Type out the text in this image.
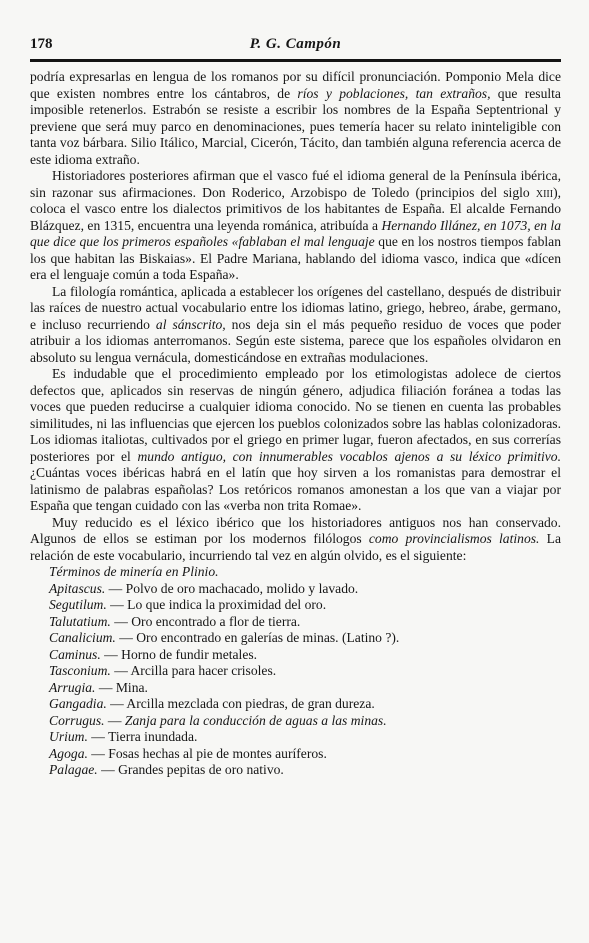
178	P. G. Campón

podría expresarlas en lengua de los romanos por su difícil pronunciación. Pomponio Mela dice que existen nombres entre los cántabros, de ríos y poblaciones, tan extraños, que resulta imposible retenerlos. Estrabón se resiste a escribir los nombres de la España Septentrional y previene que será muy parco en denominaciones, pues temería hacer su relato ininteligible con tanta voz bárbara. Silio Itálico, Marcial, Cicerón, Tácito, dan también alguna referencia acerca de este idioma extraño.

Historiadores posteriores afirman que el vasco fué el idioma general de la Península ibérica, sin razonar sus afirmaciones. Don Roderico, Arzobispo de Toledo (principios del siglo xiii), coloca el vasco entre los dialectos primitivos de los habitantes de España. El alcalde Fernando Blázquez, en 1315, encuentra una leyenda románica, atribuída a Hernando Illánez, en 1073, en la que dice que los primeros españoles «fablaban el mal lenguaje que en los nostros tiempos fablan los que habitan las Biskaias». El Padre Mariana, hablando del idioma vasco, indica que «dícen era el lenguaje común a toda España».

La filología romántica, aplicada a establecer los orígenes del castellano, después de distribuir las raíces de nuestro actual vocabulario entre los idiomas latino, griego, hebreo, árabe, germano, e incluso recurriendo al sánscrito, nos deja sin el más pequeño residuo de voces que poder atribuir a los idiomas anterromanos. Según este sistema, parece que los españoles olvidaron en absoluto su lengua vernácula, domesticándose en extrañas modulaciones.

Es indudable que el procedimiento empleado por los etimologistas adolece de ciertos defectos que, aplicados sin reservas de ningún género, adjudica filiación foránea a todas las voces que pueden reducirse a cualquier idioma conocido. No se tienen en cuenta las probables similitudes, ni las influencias que ejercen los pueblos colonizados sobre las hablas colonizadoras. Los idiomas italiotas, cultivados por el griego en primer lugar, fueron afectados, en sus correrías posteriores por el mundo antiguo, con innumerables vocablos ajenos a su léxico primitivo. ¿Cuántas voces ibéricas habrá en el latín que hoy sirven a los romanistas para demostrar el latinismo de palabras españolas? Los retóricos romanos amonestan a los que van a viajar por España que tengan cuidado con las «verba non trita Romae».

Muy reducido es el léxico ibérico que los historiadores antiguos nos han conservado. Algunos de ellos se estiman por los modernos filólogos como provincialismos latinos. La relación de este vocabulario, incurriendo tal vez en algún olvido, es el siguiente:

Términos de minería en Plinio.
Apitascus. — Polvo de oro machacado, molido y lavado.
Segutilum. — Lo que indica la proximidad del oro.
Talutatium. — Oro encontrado a flor de tierra.
Canalicium. — Oro encontrado en galerías de minas. (Latino ?).
Caminus. — Horno de fundir metales.
Tasconium. — Arcilla para hacer crisoles.
Arrugia. — Mina.
Gangadia. — Arcilla mezclada con piedras, de gran dureza.
Corrugus. — Zanja para la conducción de aguas a las minas.
Urium. — Tierra inundada.
Agoga. — Fosas hechas al pie de montes auríferos.
Palagae. — Grandes pepitas de oro nativo.
